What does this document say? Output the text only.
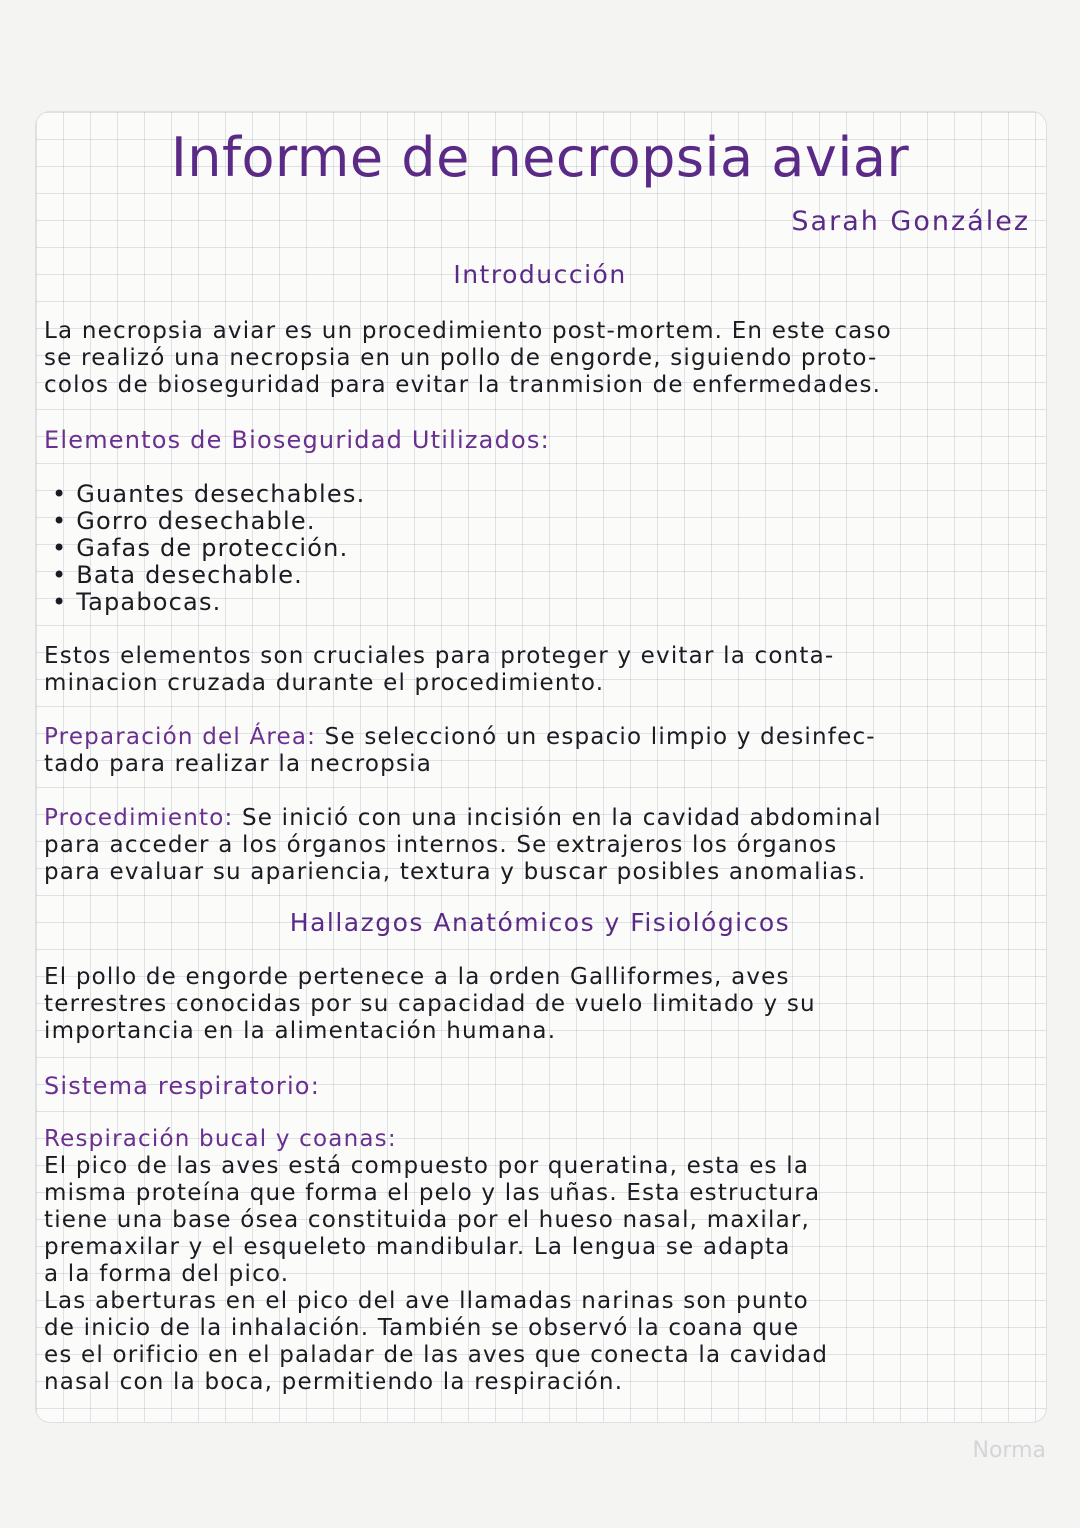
Informe de necropsia aviar
Sarah González
Introducción
La necropsia aviar es un procedimiento post-mortem. En este caso
se realizó una necropsia en un pollo de engorde, siguiendo proto-
colos de bioseguridad para evitar la tranmision de enfermedades.
Elementos de Bioseguridad Utilizados:
• Guantes desechables.
• Gorro desechable.
• Gafas de protección.
• Bata desechable.
• Tapabocas.
Estos elementos son cruciales para proteger y evitar la conta-
minacion cruzada durante el procedimiento.
Preparación del Área: Se seleccionó un espacio limpio y desinfec-
tado para realizar la necropsia
Procedimiento: Se inició con una incisión en la cavidad abdominal
para acceder a los órganos internos. Se extrajeros los órganos
para evaluar su apariencia, textura y buscar posibles anomalias.
Hallazgos Anatómicos y Fisiológicos
El pollo de engorde pertenece a la orden Galliformes, aves
terrestres conocidas por su capacidad de vuelo limitado y su
importancia en la alimentación humana.
Sistema respiratorio:
Respiración bucal y coanas:
El pico de las aves está compuesto por queratina, esta es la
misma proteína que forma el pelo y las uñas. Esta estructura
tiene una base ósea constituida por el hueso nasal, maxilar,
premaxilar y el esqueleto mandibular. La lengua se adapta
a la forma del pico.
Las aberturas en el pico del ave llamadas narinas son punto
de inicio de la inhalación. También se observó la coana que
es el orificio en el paladar de las aves que conecta la cavidad
nasal con la boca, permitiendo la respiración.
Norma
